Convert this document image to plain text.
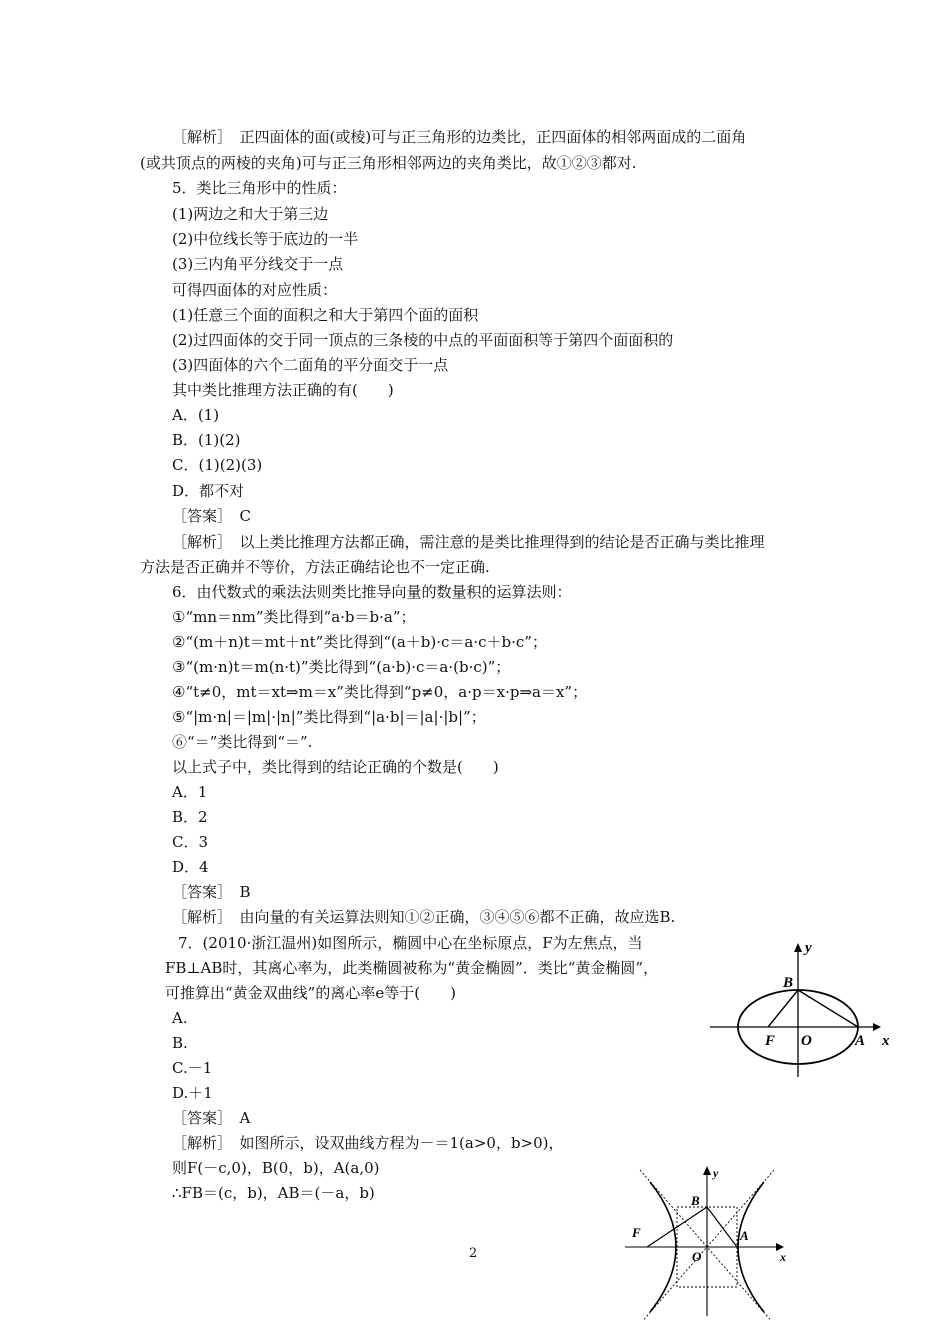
［解析］　正四面体的面(或棱)可与正三角形的边类比，正四面体的相邻两面成的二面角
(或共顶点的两棱的夹角)可与正三角形相邻两边的夹角类比，故①②③都对.
5．类比三角形中的性质：
(1)两边之和大于第三边
(2)中位线长等于底边的一半
(3)三内角平分线交于一点
可得四面体的对应性质：
(1)任意三个面的面积之和大于第四个面的面积
(2)过四面体的交于同一顶点的三条棱的中点的平面面积等于第四个面面积的
(3)四面体的六个二面角的平分面交于一点
其中类比推理方法正确的有(　　)
A．(1)
B．(1)(2)
C．(1)(2)(3)
D．都不对
［答案］　C
［解析］　以上类比推理方法都正确，需注意的是类比推理得到的结论是否正确与类比推理
方法是否正确并不等价，方法正确结论也不一定正确.
6．由代数式的乘法法则类比推导向量的数量积的运算法则：
①“mn＝nm”类比得到“a·b＝b·a”；
②“(m＋n)t＝mt＋nt”类比得到“(a＋b)·c＝a·c＋b·c”；
③“(m·n)t＝m(n·t)”类比得到“(a·b)·c＝a·(b·c)”；
④“t≠0，mt＝xt⇒m＝x”类比得到“p≠0，a·p＝x·p⇒a＝x”；
⑤“|m·n|＝|m|·|n|”类比得到“|a·b|＝|a|·|b|”；
⑥“＝”类比得到“＝”.
以上式子中，类比得到的结论正确的个数是(　　)
A．1
B．2
C．3
D．4
［答案］　B
［解析］　由向量的有关运算法则知①②正确，③④⑤⑥都不正确，故应选B.
7．(2010·浙江温州)如图所示，椭圆中心在坐标原点，F为左焦点，当
FB⊥AB时，其离心率为，此类椭圆被称为“黄金椭圆”．类比“黄金椭圆”，
可推算出“黄金双曲线”的离心率e等于(　　)
A.
B.
C.－1
D.＋1
［答案］　A
［解析］　如图所示，设双曲线方程为－＝1(a>0，b>0)，
则F(－c,0)，B(0，b)，A(a,0)
∴FB＝(c，b)，AB＝(－a，b)
y
B
F O	A x
y
B
F
O
A
x
2
